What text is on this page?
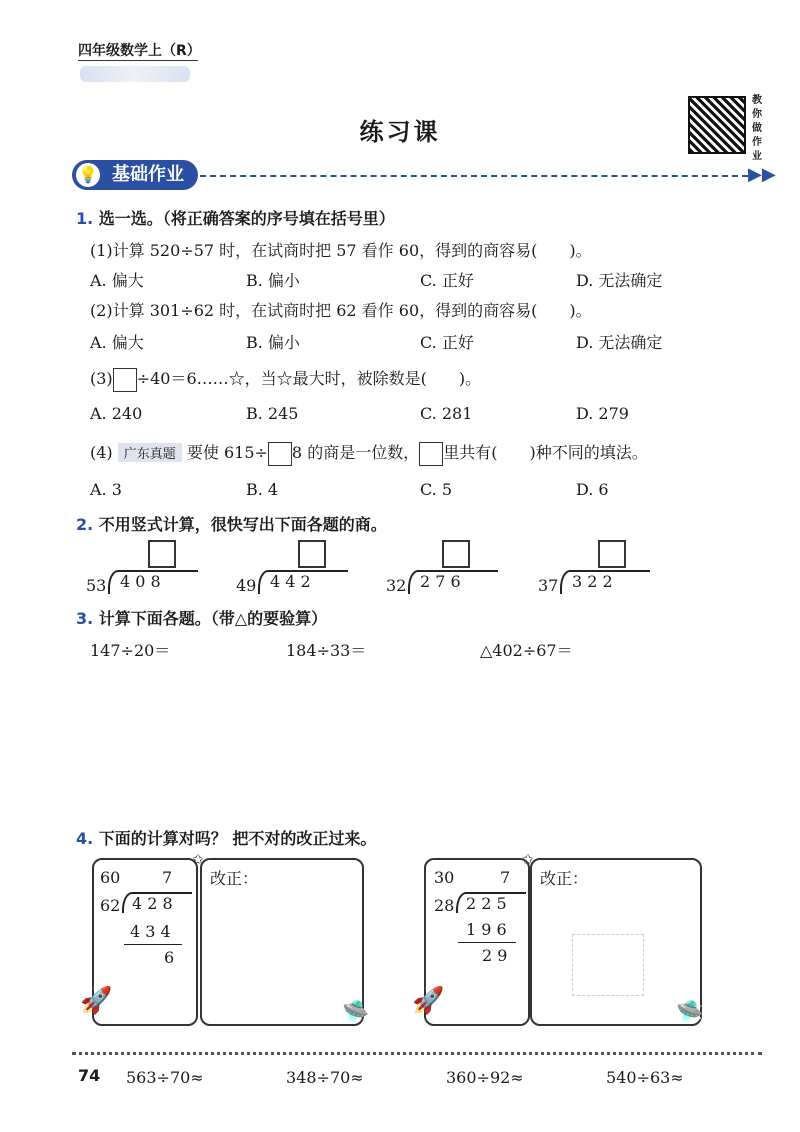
四年级数学上（R）
练习课
教你做作业
基础作业
💡	▶▶
1. 选一选。（将正确答案的序号填在括号里）
(1)计算 520÷57 时，在试商时把 57 看作 60，得到的商容易(　　)。
A. 偏大	B. 偏小	C. 正好	D. 无法确定
(2)计算 301÷62 时，在试商时把 62 看作 60，得到的商容易(　　)。
A. 偏大	B. 偏小	C. 正好	D. 无法确定
(3) ÷40＝6……☆，当☆最大时，被除数是(　　)。
A. 240	B. 245	C. 281	D. 279
(4) 广东真题 要使 615÷ 8 的商是一位数， 里共有(　　)种不同的填法。
A. 3	B. 4	C. 5	D. 6
2. 不用竖式计算，很快写出下面各题的商。
53 4 0 8	49 4 4 2	32 2 7 6	37 3 2 2
3. 计算下面各题。（带△的要验算）
147÷20＝	184÷33＝	△402÷67＝
4. 下面的计算对吗？ 把不对的改正过来。
60	7
62 4 2 8
4 3 4
6
🚀
改正：
✩
🛸
30	7
28 2 2 5
1 9 6
2 9
🚀
改正：
✩
🛸
74 563÷70≈	348÷70≈	360÷92≈	540÷63≈
